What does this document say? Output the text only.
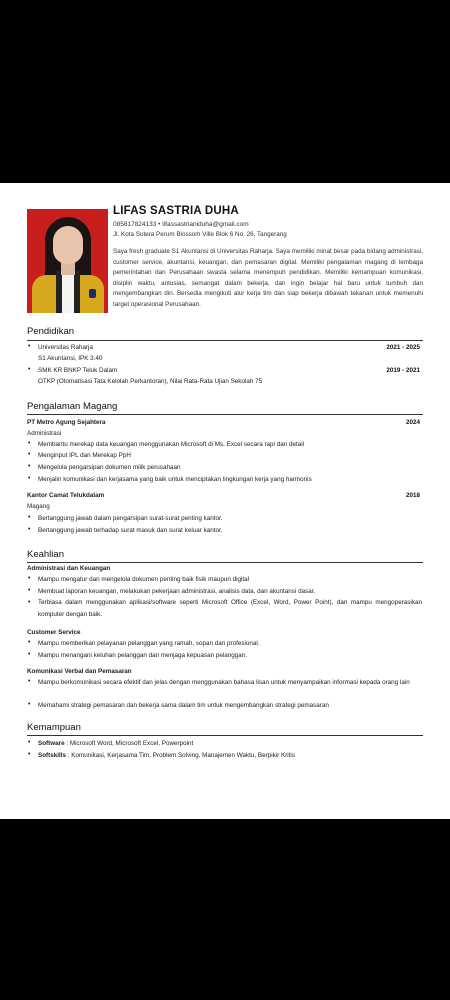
LIFAS SASTRIA DUHA
085817824133 • lifassastrianiduha@gmail.com
Jl. Kota Sutera Perum Blossom Ville Blok 6 No. 26, Tangerang
Saya fresh graduate S1 Akuntansi di Universitas Raharja. Saya memiliki minat besar pada bidang administrasi, customer service, akuntansi, keuangan, dan pemasaran digital. Memiliki pengalaman magang di lembaga pemerintahan dan Perusahaan swasta selama menempuh pendidikan. Memiliki kemampuan komunikasi, disiplin waktu, antusias, semangat dalam bekerja, dan ingin belajar hal baru untuk tumbuh dan mengembangkan diri. Bersedia mengikuti alur kerja tim dan siap bekerja dibawah tekanan untuk memenuhi target operasional Perusahaan.
Pendidikan
• Universitas Raharja	2021 - 2025
S1 Akuntansi, IPK 3.40
• SMK KR BNKP Teluk Dalam	2019 - 2021
OTKP (Otomatisasi Tata Kelolah Perkantoran), Nilai Rata-Rata Ujian Sekolah 75
Pengalaman Magang
PT Metro Agung Sejahtera	2024
Administrasi
• Membantu merekap data keuangan menggunakan Microsoft di Ms. Excel secara rapi dan detail
• Menginput IPL dan Merekap PpH
• Mengelola pengarsipan dokumen milik perusahaan
• Menjalin komunikasi dan kerjasama yang baik untuk menciptakan lingkungan kerja yang harmonis
Kantor Camat Telukdalam	2018
Magang
• Bertanggung jawab dalam pengarsipan surat-surat penting kantor.
• Bertanggung jawab terhadap surat masuk dan surat keluar kantor.
Keahlian
Administrasi dan Keuangan
• Mampu mengatur dan mengelola dokumen penting baik fisik maupun digital
• Membuat laporan keuangan, melakukan pekerjaan administrasi, analisis data, dan akuntansi dasar.
• Terbiasa dalam menggunakan aplikasi/software seperti Microsoft Office (Excel, Word, Power Point), dan mampu mengoperasikan komputer dengan baik.
Customer Service
• Mampu memberikan pelayanan pelanggan yang ramah, sopan dan profesional.
• Mampu menangani keluhan pelanggan dan menjaga kepuasan pelanggan.
Komunikasi Verbal dan Pemasaran
• Mampu berkomunikasi secara efektif dan jelas dengan menggunakan bahasa lisan untuk menyampaikan informasi kepada orang lain
• Memahami strategi pemasaran dan bekerja sama dalam tim untuk mengembangkan strategi pemasaran
Kemampuan
• Software : Microsoft Word, Microsoft Excel, Powerpoint
• Softskills : Komunikasi, Kerjasama Tim, Problem Solving, Manajemen Waktu, Berpikir Kritis
